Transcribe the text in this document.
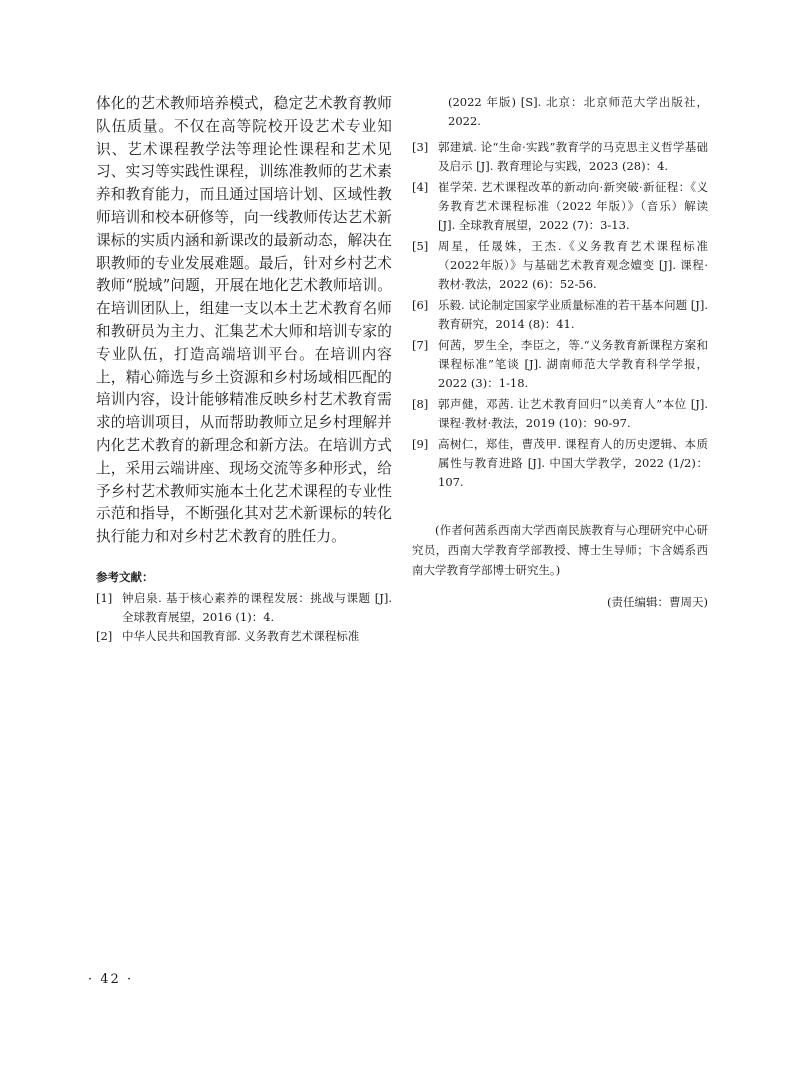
体化的艺术教师培养模式，稳定艺术教育教师队伍质量。不仅在高等院校开设艺术专业知识、艺术课程教学法等理论性课程和艺术见习、实习等实践性课程，训练准教师的艺术素养和教育能力，而且通过国培计划、区域性教师培训和校本研修等，向一线教师传达艺术新课标的实质内涵和新课改的最新动态，解决在职教师的专业发展难题。最后，针对乡村艺术教师“脱域”问题，开展在地化艺术教师培训。在培训团队上，组建一支以本土艺术教育名师和教研员为主力、汇集艺术大师和培训专家的专业队伍，打造高端培训平台。在培训内容上，精心筛选与乡土资源和乡村场域相匹配的培训内容，设计能够精准反映乡村艺术教育需求的培训项目，从而帮助教师立足乡村理解并内化艺术教育的新理念和新方法。在培训方式上，采用云端讲座、现场交流等多种形式，给予乡村艺术教师实施本土化艺术课程的专业性示范和指导，不断强化其对艺术新课标的转化执行能力和对乡村艺术教育的胜任力。

参考文献：
[1] 钟启泉. 基于核心素养的课程发展：挑战与课题 [J]. 全球教育展望，2016 (1)：4.
[2] 中华人民共和国教育部. 义务教育艺术课程标准
(2022 年版) [S]. 北京：北京师范大学出版社，2022.
[3] 郭建斌. 论“生命·实践”教育学的马克思主义哲学基础及启示 [J]. 教育理论与实践，2023 (28)：4.
[4] 崔学荣. 艺术课程改革的新动向·新突破·新征程：《义务教育艺术课程标准（2022 年版）》（音乐）解读 [J]. 全球教育展望，2022 (7)：3-13.
[5] 周星，任晟姝，王杰.《义务教育艺术课程标准（2022年版）》与基础艺术教育观念嬗变 [J]. 课程·教材·教法，2022 (6)：52-56.
[6] 乐毅. 试论制定国家学业质量标准的若干基本问题 [J]. 教育研究，2014 (8)：41.
[7] 何茜，罗生全，李臣之，等.“义务教育新课程方案和课程标准”笔谈 [J]. 湖南师范大学教育科学学报，2022 (3)：1-18.
[8] 郭声健，邓茜. 让艺术教育回归“以美育人”本位 [J]. 课程·教材·教法，2019 (10)：90-97.
[9] 高树仁，郑佳，曹茂甲. 课程育人的历史逻辑、本质属性与教育进路 [J]. 中国大学教学，2022 (1/2)：107.

(作者何茜系西南大学西南民族教育与心理研究中心研究员，西南大学教育学部教授、博士生导师；卞含嫣系西南大学教育学部博士研究生。)

(责任编辑：曹周天)
· 42 ·
